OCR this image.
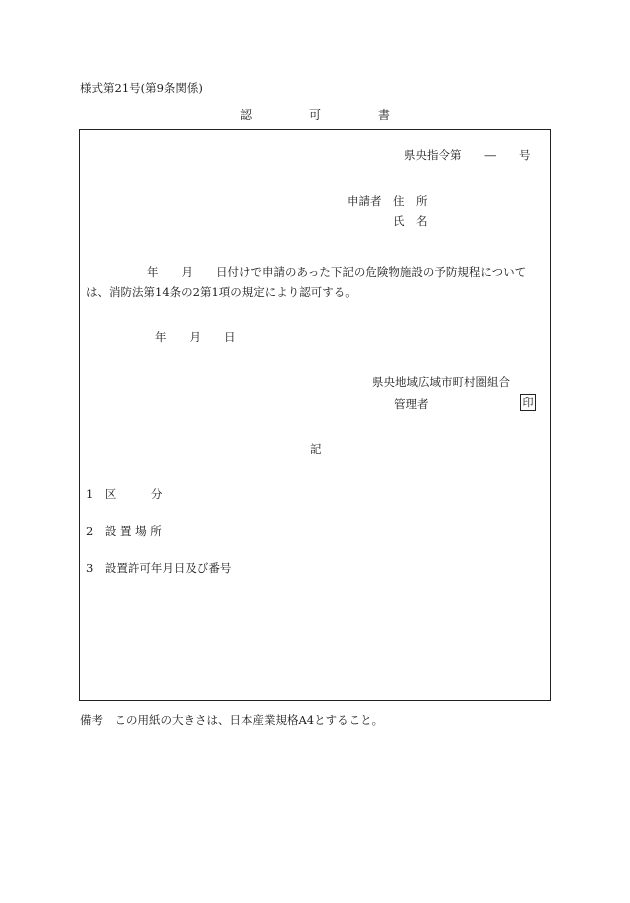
様式第21号(第9条関係)
認	可	書
県央指令第　　―　　号
申請者 住　所
氏　名
年　　月　　日付けで申請のあった下記の危険物施設の予防規程について
は、消防法第14条の2第1項の規定により認可する。
年　　月　　日
県央地域広域市町村圏組合
管理者	印
記
1　区　　　分
2　設 置 場 所
3　設置許可年月日及び番号
備考　この用紙の大きさは、日本産業規格A4とすること。
